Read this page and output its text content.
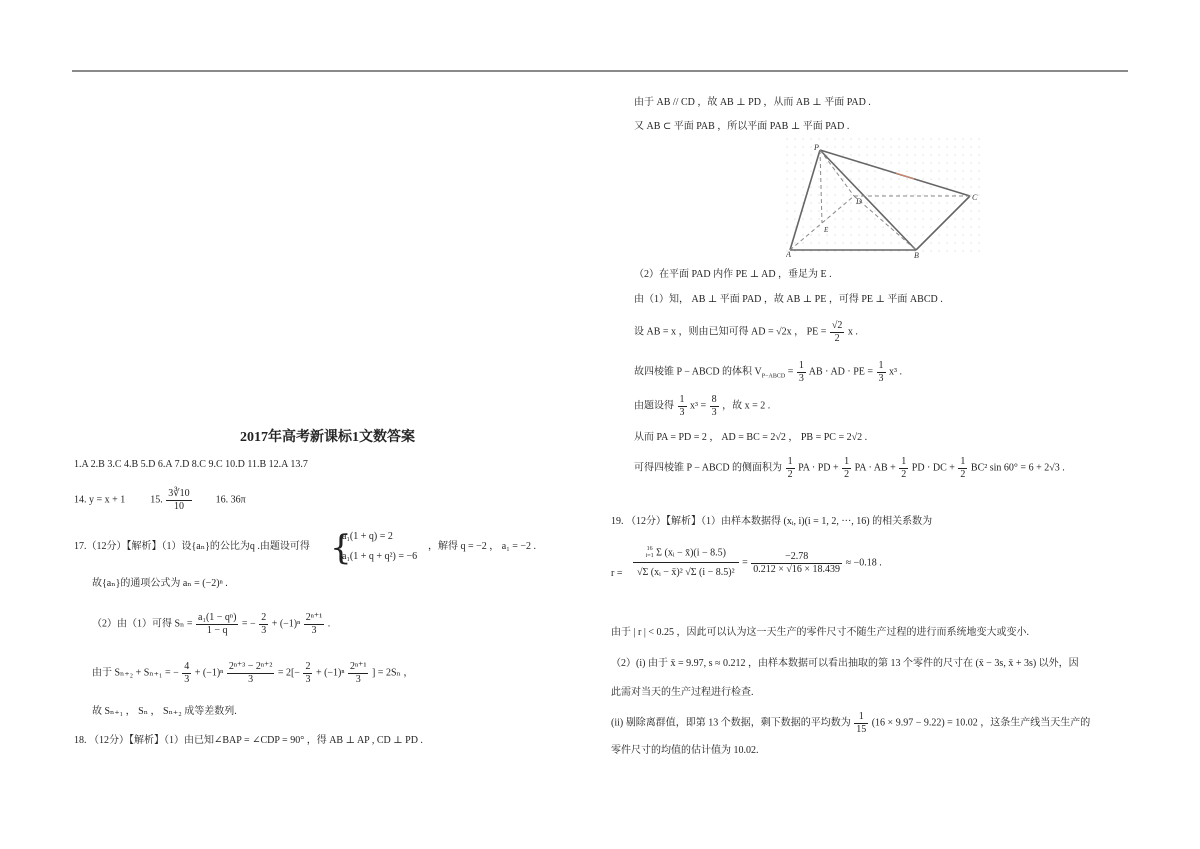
2017年高考新课标1文数答案
1.A 2.B 3.C 4.B 5.D 6.A 7.D 8.C 9.C 10.D 11.B 12.A 13.7
14. y = x + 1	15. $\frac{3∛10}{10} 16$. 36π
17.（12分）【解析】（1）设{aₙ}的公比为q .由题设可得 {
a₁(1 + q) = 2
a₁(1 + q + q²) = −6
，解得 q = −2 ， a₁ = −2 .
故{aₙ}的通项公式为 aₙ = (−2)ⁿ .
（2）由（1）可得 $S_n = \frac{\text{a₁(1 − qⁿ)}}{1 - q}$ = − $\frac{2}{3} + (-1)^n \frac{\text{2ⁿ⁺¹}}{3}$ .
由于 Sₙ₊₂ + Sₙ₊₁ = − $\frac{4}{3} + (-1)^n \frac{\text{2ⁿ⁺³ − 2ⁿ⁺²}}{3} = 2[- \frac{2}{3} + (-1)^n \frac{\text{2ⁿ⁺¹}}{3}$ ] = 2Sₙ ，
故 Sₙ₊₁ ， Sₙ ， Sₙ₊₂ 成等差数列.
18. （12分）【解析】（1）由已知∠BAP = ∠CDP = 90° ，得 AB ⊥ AP , CD ⊥ PD .
由于 AB // CD ，故 AB ⊥ PD ，从而 AB ⊥ 平面 PAD .
又 AB ⊂ 平面 PAB ，所以平面 PAB ⊥ 平面 PAD .
P
D	C
E
A	B
（2）在平面 PAD 内作 PE ⊥ AD ，垂足为 E .
由（1）知， AB ⊥ 平面 PAD ，故 AB ⊥ PE ，可得 PE ⊥ 平面 ABCD .
设 AB = x ，则由已知可得 AD = √2x ， PE = $\frac{√2}{2}$ x .
故四棱锥 P − ABCD 的体积 $V_{P-ABCD} = \frac{1}{3}$ AB · AD · PE = $\frac{1}{3} x^3$ .
由题设得 $\frac{1}{3} x^3 = \frac{8}{3}$ ，故 x = 2 .
从而 PA = PD = 2 ， AD = BC = 2√2 ， PB = PC = 2√2 .
可得四棱锥 P − ABCD 的侧面积为 $\frac{1}{2}$ PA · PD + $\frac{1}{2}$ PA · AB + $\frac{1}{2}$ PD · DC + $\frac{1}{2} BC^2$ sin 60° = 6 + 2√3 .
19. （12分）【解析】（1）由样本数据得 (xᵢ, i)(i = 1, 2, ···, 16) 的相关系数为
r =
16
i=1 Σ (xᵢ − x̄)(i − 8.5)
√Σ (xᵢ − x̄)² √Σ (i − 8.5)²
= $\frac{-2.78}{0.212 \times √16 \times 18.439} \approx -0.18$ .
由于 | r | < 0.25 ，因此可以认为这一天生产的零件尺寸不随生产过程的进行而系统地变大或变小.
（2）(i) 由于 x̄ = 9.97, s ≈ 0.212 ，由样本数据可以看出抽取的第 13 个零件的尺寸在 (x̄ − 3s, x̄ + 3s) 以外，因
此需对当天的生产过程进行检查.
(ii) 剔除离群值，即第 13 个数据，剩下数据的平均数为 $\frac{1}{15} (16 \times 9.97 - 9.22) = 10.02$ ，这条生产线当天生产的
零件尺寸的均值的估计值为 10.02.
